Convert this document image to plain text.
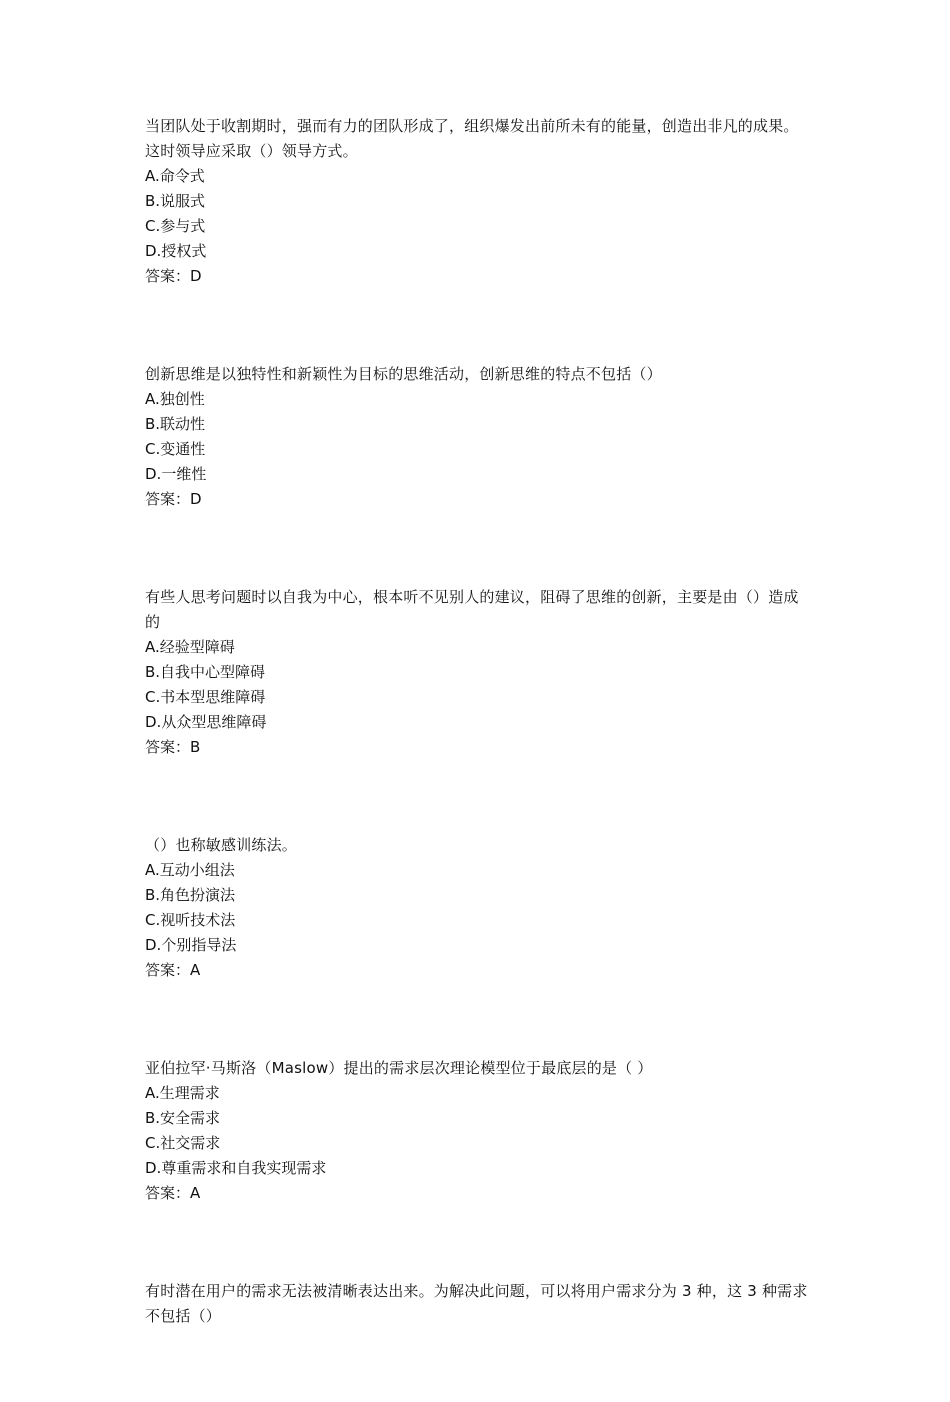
当团队处于收割期时，强而有力的团队形成了，组织爆发出前所未有的能量，创造出非凡的成果。这时领导应采取（）领导方式。

A.命令式
B.说服式
C.参与式
D.授权式
答案：D

创新思维是以独特性和新颖性为目标的思维活动，创新思维的特点不包括（）

A.独创性
B.联动性
C.变通性
D.一维性
答案：D

有些人思考问题时以自我为中心，根本听不见别人的建议，阻碍了思维的创新，主要是由（）造成的

A.经验型障碍
B.自我中心型障碍
C.书本型思维障碍
D.从众型思维障碍
答案：B

（）也称敏感训练法。

A.互动小组法
B.角色扮演法
C.视听技术法
D.个别指导法
答案：A

亚伯拉罕·马斯洛（Maslow）提出的需求层次理论模型位于最底层的是（ ）

A.生理需求
B.安全需求
C.社交需求
D.尊重需求和自我实现需求
答案：A

有时潜在用户的需求无法被清晰表达出来。为解决此问题，可以将用户需求分为 3 种，这 3 种需求不包括（）
